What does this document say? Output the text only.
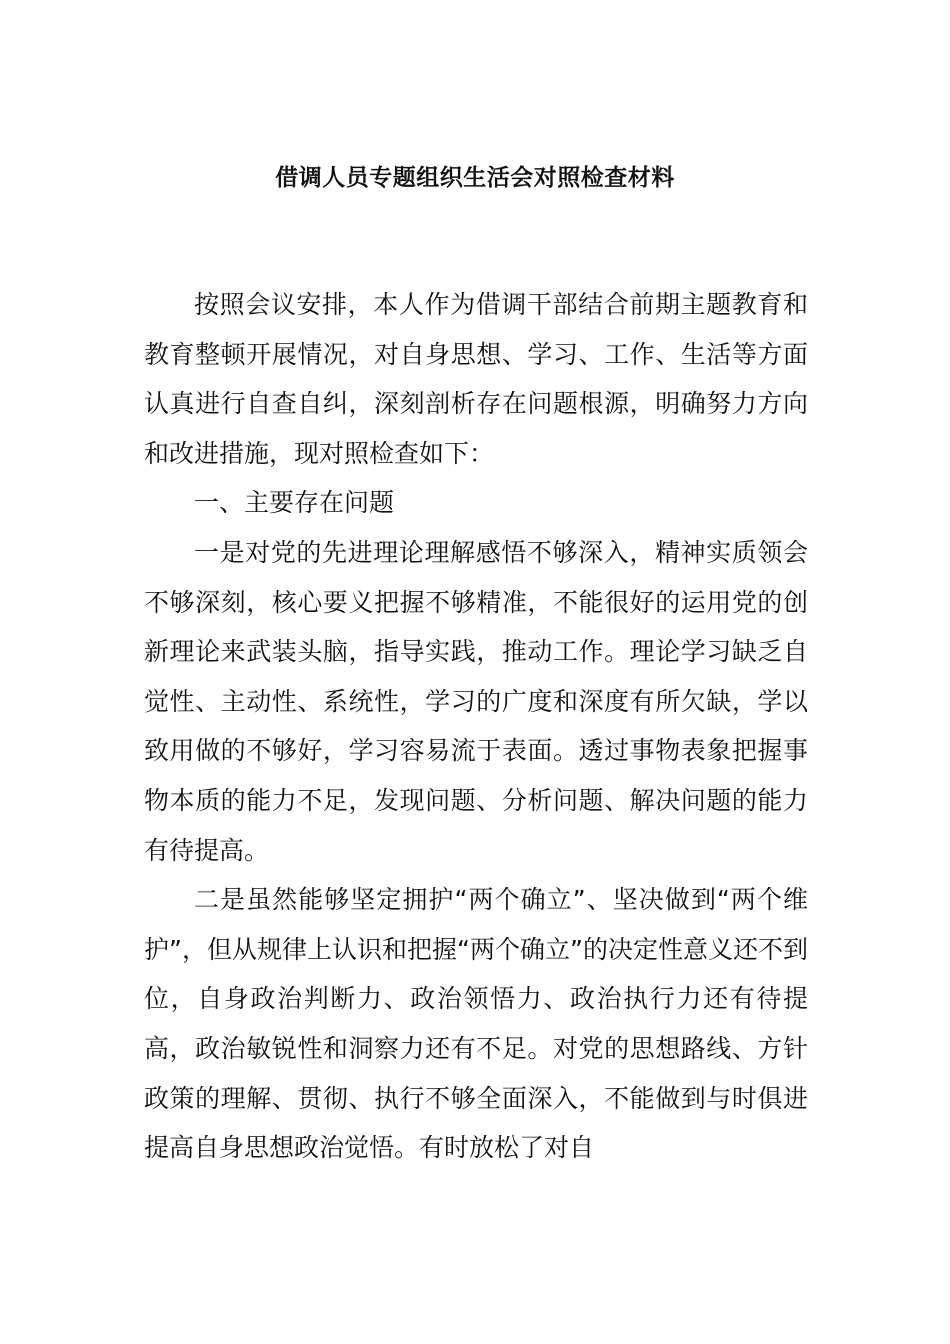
借调人员专题组织生活会对照检查材料

按照会议安排，本人作为借调干部结合前期主题教育和教育整顿开展情况，对自身思想、学习、工作、生活等方面认真进行自查自纠，深刻剖析存在问题根源，明确努力方向和改进措施，现对照检查如下：

一、主要存在问题

一是对党的先进理论理解感悟不够深入，精神实质领会不够深刻，核心要义把握不够精准，不能很好的运用党的创新理论来武装头脑，指导实践，推动工作。理论学习缺乏自觉性、主动性、系统性，学习的广度和深度有所欠缺，学以致用做的不够好，学习容易流于表面。透过事物表象把握事物本质的能力不足，发现问题、分析问题、解决问题的能力有待提高。

二是虽然能够坚定拥护“两个确立”、坚决做到“两个维护”，但从规律上认识和把握“两个确立”的决定性意义还不到位，自身政治判断力、政治领悟力、政治执行力还有待提高，政治敏锐性和洞察力还有不足。对党的思想路线、方针政策的理解、贯彻、执行不够全面深入，不能做到与时俱进提高自身思想政治觉悟。有时放松了对自
